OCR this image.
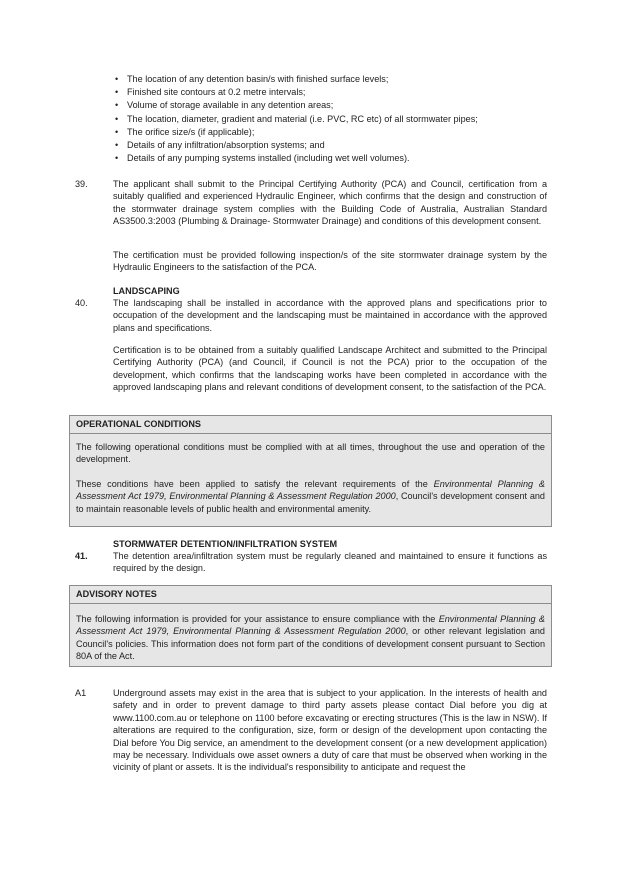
• The location of any detention basin/s with finished surface levels;
• Finished site contours at 0.2 metre intervals;
• Volume of storage available in any detention areas;
• The location, diameter, gradient and material (i.e. PVC, RC etc) of all stormwater pipes;
• The orifice size/s (if applicable);
• Details of any infiltration/absorption systems; and
• Details of any pumping systems installed (including wet well volumes).

39.	The applicant shall submit to the Principal Certifying Authority (PCA) and Council, certification from a suitably qualified and experienced Hydraulic Engineer, which confirms that the design and construction of the stormwater drainage system complies with the Building Code of Australia, Australian Standard AS3500.3:2003 (Plumbing & Drainage- Stormwater Drainage) and conditions of this development consent.

The certification must be provided following inspection/s of the site stormwater drainage system by the Hydraulic Engineers to the satisfaction of the PCA.

LANDSCAPING

40.	The landscaping shall be installed in accordance with the approved plans and specifications prior to occupation of the development and the landscaping must be maintained in accordance with the approved plans and specifications.

Certification is to be obtained from a suitably qualified Landscape Architect and submitted to the Principal Certifying Authority (PCA) (and Council, if Council is not the PCA) prior to the occupation of the development, which confirms that the landscaping works have been completed in accordance with the approved landscaping plans and relevant conditions of development consent, to the satisfaction of the PCA.

OPERATIONAL CONDITIONS

The following operational conditions must be complied with at all times, throughout the use and operation of the development.

These conditions have been applied to satisfy the relevant requirements of the Environmental Planning & Assessment Act 1979, Environmental Planning & Assessment Regulation 2000, Council's development consent and to maintain reasonable levels of public health and environmental amenity.

STORMWATER DETENTION/INFILTRATION SYSTEM

41.	The detention area/infiltration system must be regularly cleaned and maintained to ensure it functions as required by the design.

ADVISORY NOTES

The following information is provided for your assistance to ensure compliance with the Environmental Planning & Assessment Act 1979, Environmental Planning & Assessment Regulation 2000, or other relevant legislation and Council's policies. This information does not form part of the conditions of development consent pursuant to Section 80A of the Act.

A1	Underground assets may exist in the area that is subject to your application. In the interests of health and safety and in order to prevent damage to third party assets please contact Dial before you dig at www.1100.com.au or telephone on 1100 before excavating or erecting structures (This is the law in NSW). If alterations are required to the configuration, size, form or design of the development upon contacting the Dial before You Dig service, an amendment to the development consent (or a new development application) may be necessary. Individuals owe asset owners a duty of care that must be observed when working in the vicinity of plant or assets. It is the individual's responsibility to anticipate and request the
